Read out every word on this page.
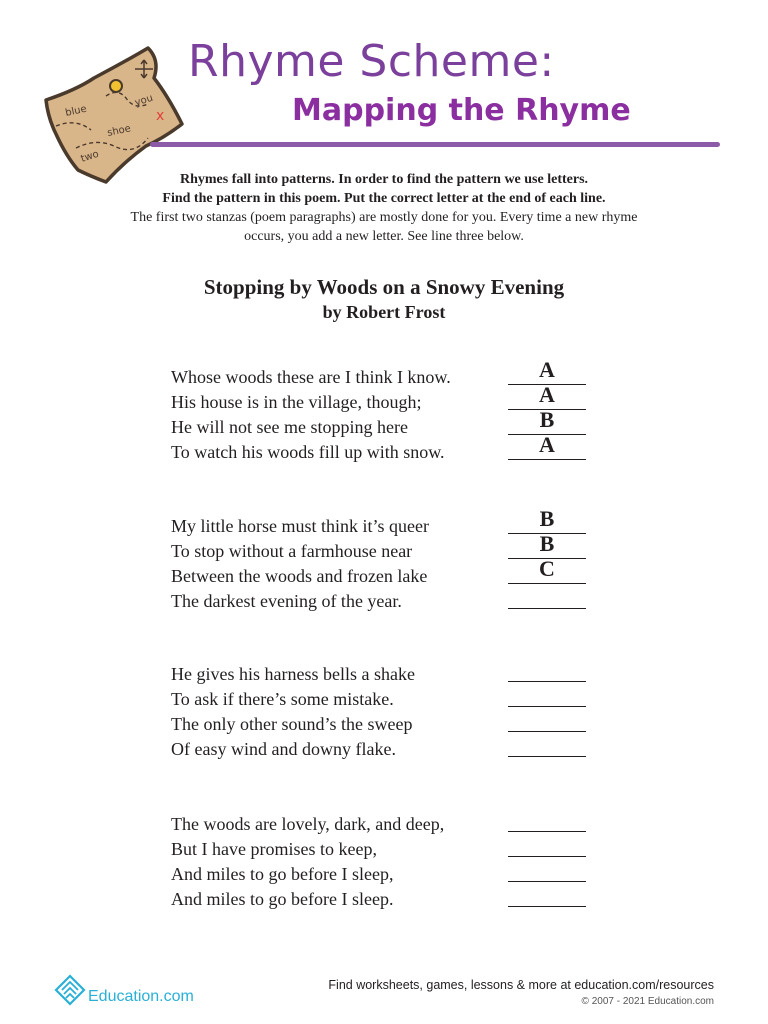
blue
you
shoe
two
x
Rhyme Scheme:
Mapping the Rhyme
Rhymes fall into patterns. In order to find the pattern we use letters.
Find the pattern in this poem. Put the correct letter at the end of each line.
The first two stanzas (poem paragraphs) are mostly done for you. Every time a new rhyme
occurs, you add a new letter. See line three below.
Stopping by Woods on a Snowy Evening
by Robert Frost
Whose woods these are I think I know.	A
His house is in the village, though;	A
He will not see me stopping here	B
To watch his woods fill up with snow.	A
My little horse must think it’s queer	B
To stop without a farmhouse near	B
Between the woods and frozen lake	C
The darkest evening of the year.
He gives his harness bells a shake
To ask if there’s some mistake.
The only other sound’s the sweep
Of easy wind and downy flake.
The woods are lovely, dark, and deep,
But I have promises to keep,
And miles to go before I sleep,
And miles to go before I sleep.
Education.com
Find worksheets, games, lessons & more at education.com/resources
© 2007 - 2021 Education.com
